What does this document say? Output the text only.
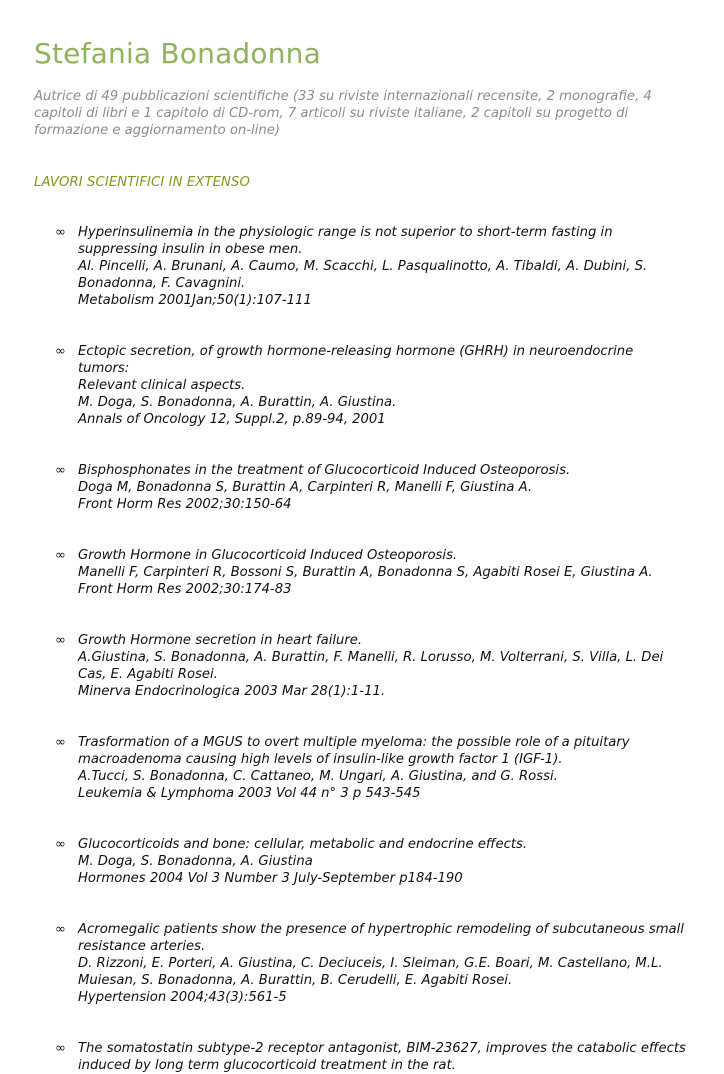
Stefania Bonadonna

Autrice di 49 pubblicazioni scientifiche (33 su riviste internazionali recensite, 2 monografie, 4 capitoli di libri e 1 capitolo di CD-rom, 7 articoli su riviste italiane, 2 capitoli su progetto di formazione e aggiornamento on-line)

LAVORI SCIENTIFICI IN EXTENSO
∞ Hyperinsulinemia in the physiologic range is not superior to short-term fasting in
suppressing insulin in obese men.
Al. Pincelli, A. Brunani, A. Caumo, M. Scacchi, L. Pasqualinotto, A. Tibaldi, A. Dubini, S.
Bonadonna, F. Cavagnini.
Metabolism 2001Jan;50(1):107-111
∞ Ectopic secretion, of growth hormone-releasing hormone (GHRH) in neuroendocrine tumors:
Relevant clinical aspects.
M. Doga, S. Bonadonna, A. Burattin, A. Giustina.
Annals of Oncology 12, Suppl.2, p.89-94, 2001
∞ Bisphosphonates in the treatment of Glucocorticoid Induced Osteoporosis.
Doga M, Bonadonna S, Burattin A, Carpinteri R, Manelli F, Giustina A.
Front Horm Res 2002;30:150-64
∞ Growth Hormone in Glucocorticoid Induced Osteoporosis.
Manelli F, Carpinteri R, Bossoni S, Burattin A, Bonadonna S, Agabiti Rosei E, Giustina A.
Front Horm Res 2002;30:174-83
∞ Growth Hormone secretion in heart failure.
A.Giustina, S. Bonadonna, A. Burattin, F. Manelli, R. Lorusso, M. Volterrani, S. Villa, L. Dei
Cas, E. Agabiti Rosei.
Minerva Endocrinologica 2003 Mar 28(1):1-11.
∞ Trasformation of a MGUS to overt multiple myeloma: the possible role of a pituitary
macroadenoma causing high levels of insulin-like growth factor 1 (IGF-1).
A.Tucci, S. Bonadonna, C. Cattaneo, M. Ungari, A. Giustina, and G. Rossi.
Leukemia & Lymphoma 2003 Vol 44 n° 3 p 543-545
∞ Glucocorticoids and bone: cellular, metabolic and endocrine effects.
M. Doga, S. Bonadonna, A. Giustina
Hormones 2004 Vol 3 Number 3 July-September p184-190
∞ Acromegalic patients show the presence of hypertrophic remodeling of subcutaneous small
resistance arteries.
D. Rizzoni, E. Porteri, A. Giustina, C. Deciuceis, I. Sleiman, G.E. Boari, M. Castellano, M.L.
Muiesan, S. Bonadonna, A. Burattin, B. Cerudelli, E. Agabiti Rosei.
Hypertension 2004;43(3):561-5
∞ The somatostatin subtype-2 receptor antagonist, BIM-23627, improves the catabolic effects
induced by long term glucocorticoid treatment in the rat.
